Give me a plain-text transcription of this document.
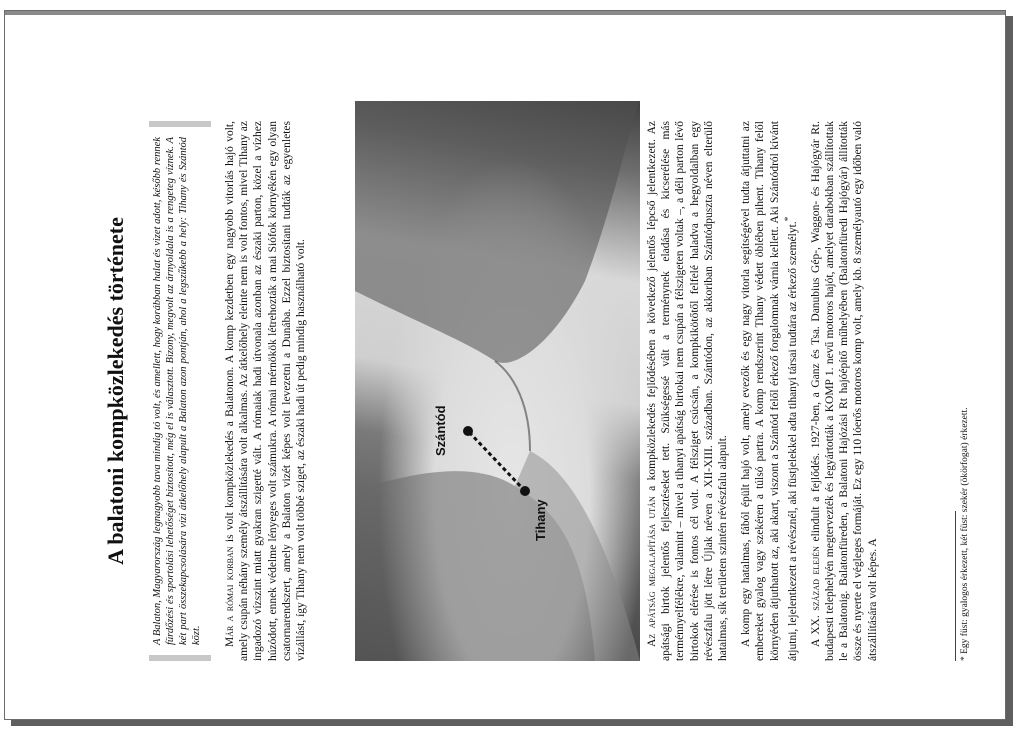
A balatoni kompközlekedés története A Balaton, Magyarország legnagyobb tava mindig tó volt, és amellett, hogy korábban halat és vizet adott, később rennek fürdőzési és sportolási lehetőséget biztosított, még el is választott. Bizony, megvolt az árnyoldala is a rengeteg víznek. A két part összekapcsolására vízi átkelőhely alapult a Balaton azon pontján, ahol a legszűkebb a hely: Tihany és Szántód közt.	Már a római korban is volt kompközlekedés a Balatonon. A komp kezdetben egy nagyobb vitorlás hajó volt, amely csupán néhány személy átszállítására volt alkalmas. Az átkelőhely eleinte nem is volt fontos, mivel Tihany az ingadozó vízszint miatt gyakran szigetté vált. A rómaiak hadi útvonala azonban az északi parton, közel a vízhez húzódott, ennek védelme lényeges volt számukra. A római mérnökök létrehozták a mai Siófok környékén egy olyan csatornarendszert, amely a Balaton vizét képes volt levezetni a Dunába. Ezzel biztosítani tudták az egyenletes vízállást, így Tihany nem volt többé sziget, az északi hadi út pedig mindig használható volt.	Tihany
Szántód

Az apátság megalapítása után a kompközlekedés fejlődésében a következő jelentős lépcső jelentkezett. Az apátsági birtok jelentős fejlesztéseket tett. Szükségessé vált a terménynek eladása és kicserélése más terménnyelfélékre, valamint – mivel a tihanyi apátság birtokai nem csupán a félszigeten voltak –, a déli parton lévő birtokok elérése is fontos cél volt. A félsziget csúcsán, a kompkikötőtől felfelé haladva a hegyoldalban egy révészfalu jött létre Újlak néven a XII-XIII. században. Szántódon, az akkoriban Szántódpuszta néven elterülő hatalmas, sík területen szintén révészfalu alapult. A komp egy hatalmas, fából épült hajó volt, amely evezők és egy nagy vitorla segítségével tudta átjuttatni az embereket gyalog vagy szekéren a túlsó partra. A komp rendszerint Tihany védett öblében pihent. Tihany felől környéden átjuthatott az, aki akart, viszont a Szántód felől érkező forgalomnak várnia kellett. Aki Szántódról kívánt átjutni, lejelentkezett a révésznél, aki füstjelekkel adta tihanyi társai tudtára az érkező személyt.*

A XX. század elején elindult a fejlődés. 1927-ben, a Ganz és Tsa. Danubius Gép-, Waggon- és Hajógyár Rt. budapesti telephelyén megtervezték és legyártották a KOMP 1. nevű motoros hajót, amelyet darabokban szállítottak le a Balatonig. Balatonfüreden, a Balatoni Hajózási Rt hajóépítő műhelyében (Balatonfüredi Hajógyár) állították össze és nyerte el végleges formáját. Ez egy 110 lóerős motoros komp volt, amely kb. 8 személyautó egy időben való átszállítására volt képes. A	* Egy füst: gyalogos érkezett, két füst: szekér (ökörfogat) érkezett.
